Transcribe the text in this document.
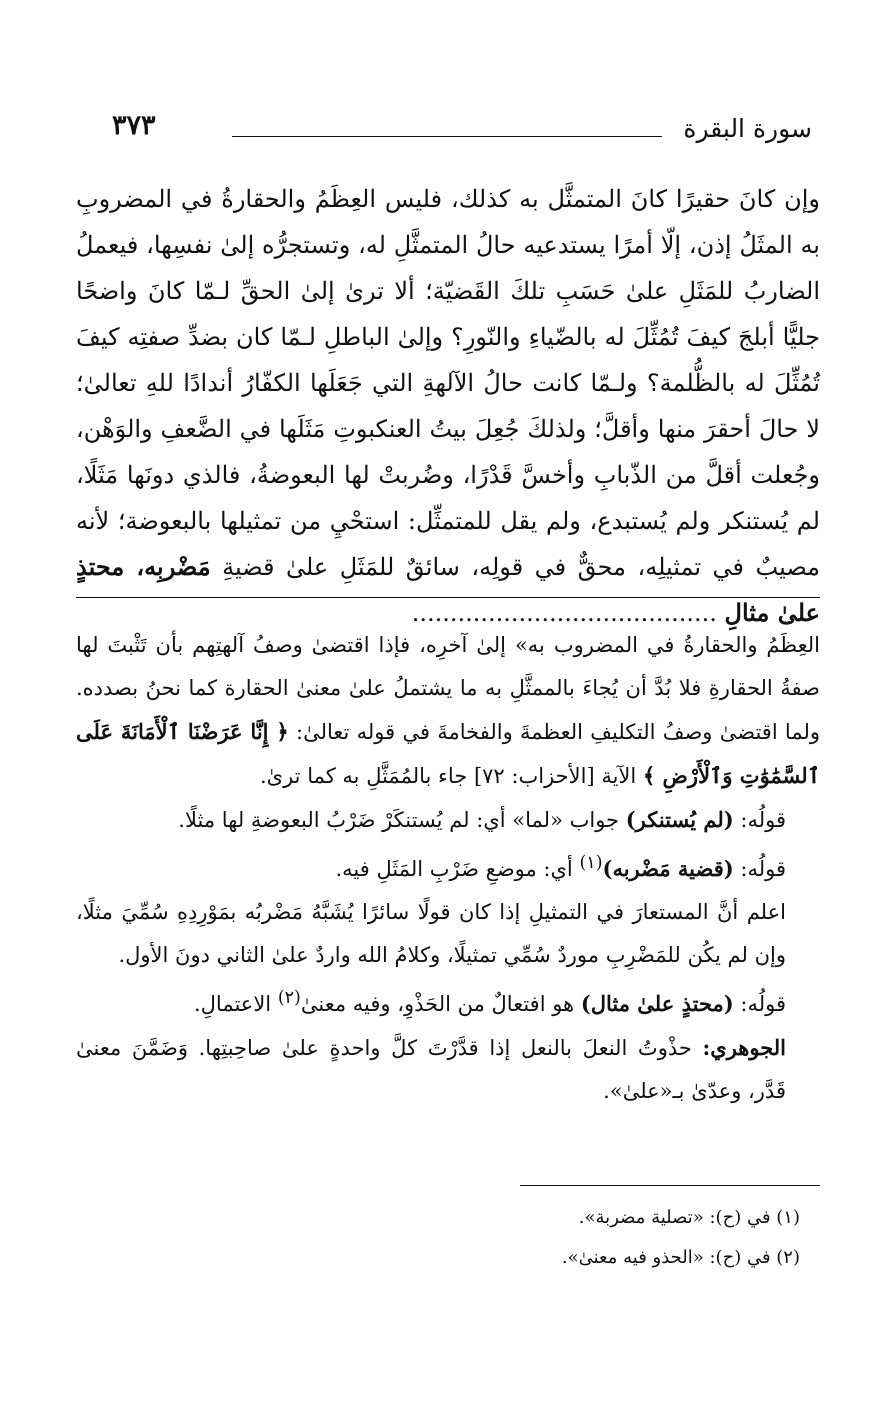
سورة البقرة
٣٧٣

وإن كانَ حقيرًا كانَ المتمثَّل به كذلك، فليس العِظَمُ والحقارةُ في المضروبِ به المثَلُ إذن، إلّا أمرًا يستدعيه حالُ المتمثَّلِ له، وتستجرُّه إلىٰ نفسِها، فيعملُ الضاربُ للمَثَلِ علىٰ حَسَبِ تلكَ القَضيّة؛ ألا ترىٰ إلىٰ الحقِّ لـمّا كانَ واضحًا جليًّا أبلجَ كيفَ تُمُثِّلَ له بالضّياءِ والنّورِ؟ وإلىٰ الباطلِ لـمّا كان بضدِّ صفتِه كيفَ تُمُثِّلَ له بالظُّلمة؟ ولـمّا كانت حالُ الآلهةِ التي جَعَلَها الكفّارُ أندادًا للهِ تعالىٰ؛ لا حالَ أحقرَ منها وأقلَّ؛ ولذلكَ جُعِلَ بيتُ العنكبوتِ مَثَلَها في الضَّعفِ والوَهْن، وجُعلت أقلَّ من الذّبابِ وأخسَّ قَدْرًا، وضُربتْ لها البعوضةُ، فالذي دونَها مَثَلًا، لم يُستنكر ولم يُستبدع، ولم يقل للمتمثِّل: استحْيِ من تمثيلها بالبعوضة؛ لأنه مصيبٌ في تمثيلِه، محقٌّ في قولِه، سائقٌ للمَثَلِ علىٰ قضيةِ مَضْربِه، محتذٍ علىٰ مثالِ ........................................

العِظَمُ والحقارةُ في المضروب به» إلىٰ آخرِه، فإذا اقتضىٰ وصفُ آلهتِهم بأن تَثْبتَ لها صفةُ الحقارةِ فلا بُدَّ أن يُجاءَ بالممثَّلِ به ما يشتملُ علىٰ معنىٰ الحقارة كما نحنُ بصدده. ولما اقتضىٰ وصفُ التكليفِ العظمةَ والفخامةَ في قوله تعالىٰ: ﴿ إِنَّا عَرَضْنَا ٱلْأَمَانَةَ عَلَى ٱلسَّمَٰوَٰتِ وَٱلْأَرْضِ ﴾ الآية [الأحزاب: ٧٢] جاء بالمُمَثَّلِ به كما ترىٰ.

قولُه: (لم يُستنكر) جواب «لما» أي: لم يُستنكَرْ ضَرْبُ البعوضةِ لها مثلًا.

قولُه: (قضية مَضْربه)$^{(١)}$ أي: موضعِ ضَرْبِ المَثَلِ فيه.

اعلم أنَّ المستعارَ في التمثيلِ إذا كان قولًا سائرًا يُشَبَّهُ مَضْربُه بمَوْرِدِهِ سُمِّيَ مثلًا، وإن لم يكُن للمَضْرِبِ موردٌ سُمِّي تمثيلًا، وكلامُ الله واردٌ علىٰ الثاني دونَ الأول.

قولُه: (محتذٍ علىٰ مثال) هو افتعالٌ من الحَذْوِ، وفيه معنىٰ$^{(٢)}$ الاعتمالِ.

الجوهري: حذْوتُ النعلَ بالنعل إذا قدَّرْتَ كلَّ واحدةٍ علىٰ صاحِبتِها. وَضَمَّنَ معنىٰ قَدَّر، وعدّىٰ بـ«علىٰ».

(١) في (ح): «تصلية مضربة».

(٢) في (ح): «الحذو فيه معنىٰ».
